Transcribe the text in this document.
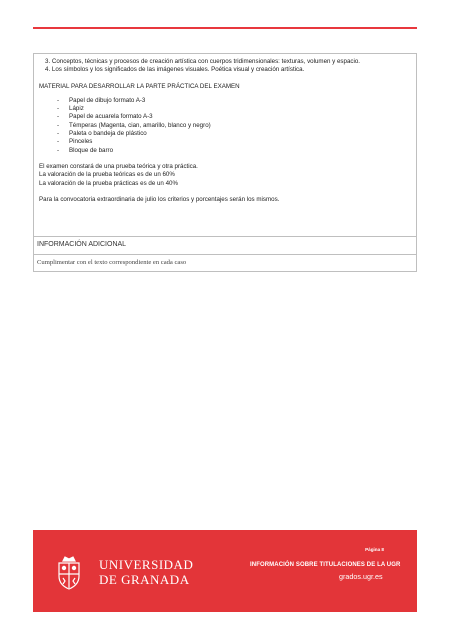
3. Conceptos, técnicas y procesos de creación artística con cuerpos tridimensionales: texturas, volumen y espacio.
4. Los símbolos y los significados de las imágenes visuales. Poética visual y creación artística.
MATERIAL PARA DESARROLLAR LA PARTE PRÁCTICA DEL EXAMEN
-	Papel de dibujo formato A-3
-	Lápiz
-	Papel de acuarela formato A-3
-	Témperas (Magenta, cian, amarillo, blanco y negro)
-	Paleta o bandeja de plástico
-	Pinceles
-	Bloque de barro
El examen constará de una prueba teórica y otra práctica.
La valoración de la prueba teóricas es de un 60%
La valoración de la prueba prácticas es de un 40%
Para la convocatoria extraordinaria de julio los criterios y porcentajes serán los mismos.
INFORMACIÓN ADICIONAL
Cumplimentar con el texto correspondiente en cada caso
UNIVERSIDAD
DE GRANADA
Página 8
INFORMACIÓN SOBRE TITULACIONES DE LA UGR
grados.ugr.es
